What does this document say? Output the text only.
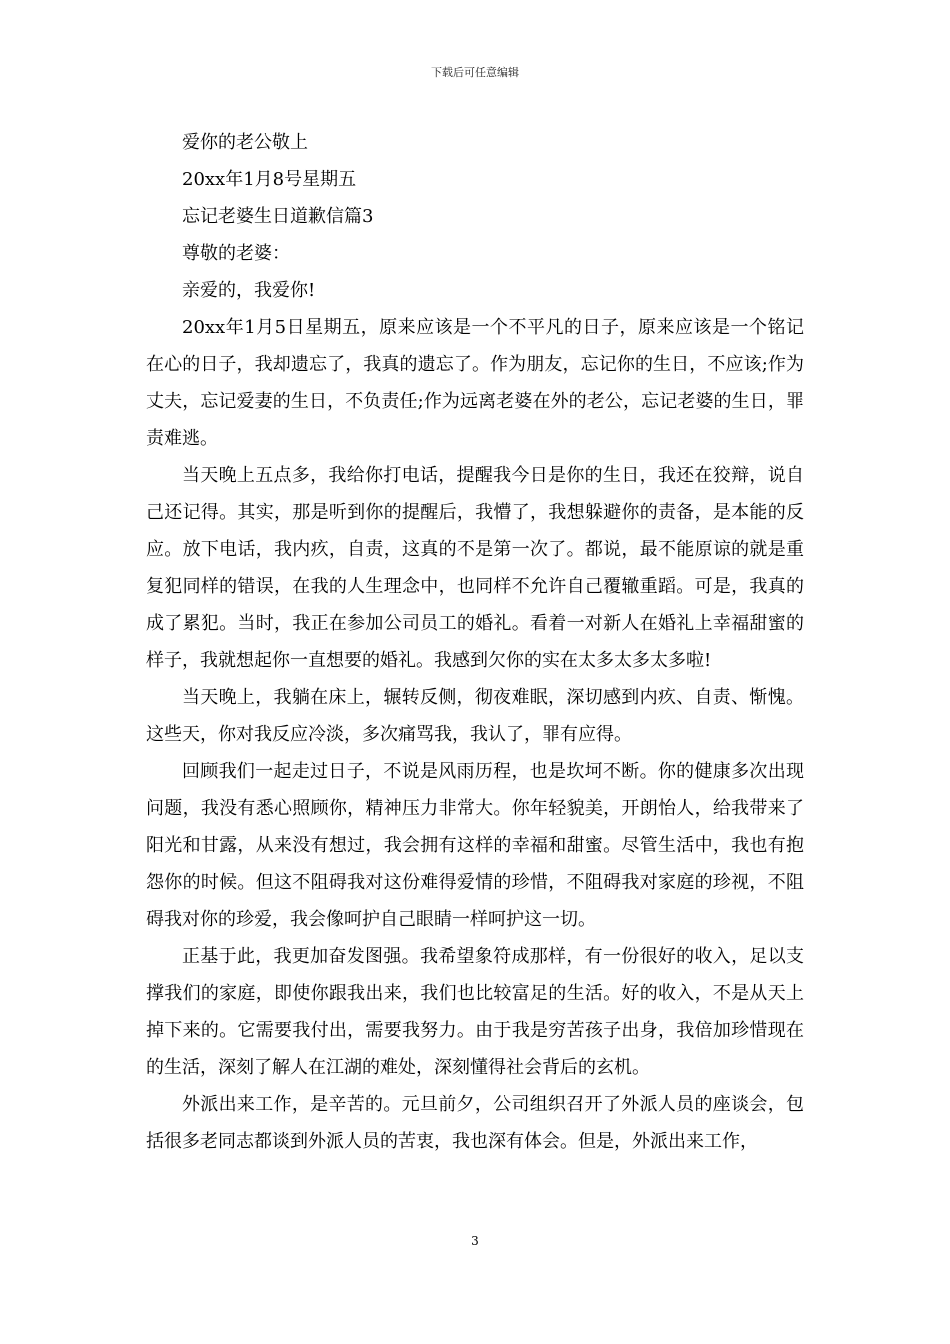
下载后可任意编辑
爱你的老公敬上
20xx年1月8号星期五
忘记老婆生日道歉信篇3
尊敬的老婆：
亲爱的，我爱你!

20xx年1月5日星期五，原来应该是一个不平凡的日子，原来应该是一个铭记在心的日子，我却遗忘了，我真的遗忘了。作为朋友，忘记你的生日，不应该;作为丈夫，忘记爱妻的生日，不负责任;作为远离老婆在外的老公，忘记老婆的生日，罪责难逃。

当天晚上五点多，我给你打电话，提醒我今日是你的生日，我还在狡辩，说自己还记得。其实，那是听到你的提醒后，我懵了，我想躲避你的责备，是本能的反应。放下电话，我内疚，自责，这真的不是第一次了。都说，最不能原谅的就是重复犯同样的错误，在我的人生理念中，也同样不允许自己覆辙重蹈。可是，我真的成了累犯。当时，我正在参加公司员工的婚礼。看着一对新人在婚礼上幸福甜蜜的样子，我就想起你一直想要的婚礼。我感到欠你的实在太多太多太多啦!

当天晚上，我躺在床上，辗转反侧，彻夜难眠，深切感到内疚、自责、惭愧。这些天，你对我反应冷淡，多次痛骂我，我认了，罪有应得。

回顾我们一起走过日子，不说是风雨历程，也是坎坷不断。你的健康多次出现问题，我没有悉心照顾你，精神压力非常大。你年轻貌美，开朗怡人，给我带来了阳光和甘露，从来没有想过，我会拥有这样的幸福和甜蜜。尽管生活中，我也有抱怨你的时候。但这不阻碍我对这份难得爱情的珍惜，不阻碍我对家庭的珍视，不阻碍我对你的珍爱，我会像呵护自己眼睛一样呵护这一切。

正基于此，我更加奋发图强。我希望象符成那样，有一份很好的收入，足以支撑我们的家庭，即使你跟我出来，我们也比较富足的生活。好的收入，不是从天上掉下来的。它需要我付出，需要我努力。由于我是穷苦孩子出身，我倍加珍惜现在的生活，深刻了解人在江湖的难处，深刻懂得社会背后的玄机。

外派出来工作，是辛苦的。元旦前夕，公司组织召开了外派人员的座谈会，包括很多老同志都谈到外派人员的苦衷，我也深有体会。但是，外派出来工作，

3
